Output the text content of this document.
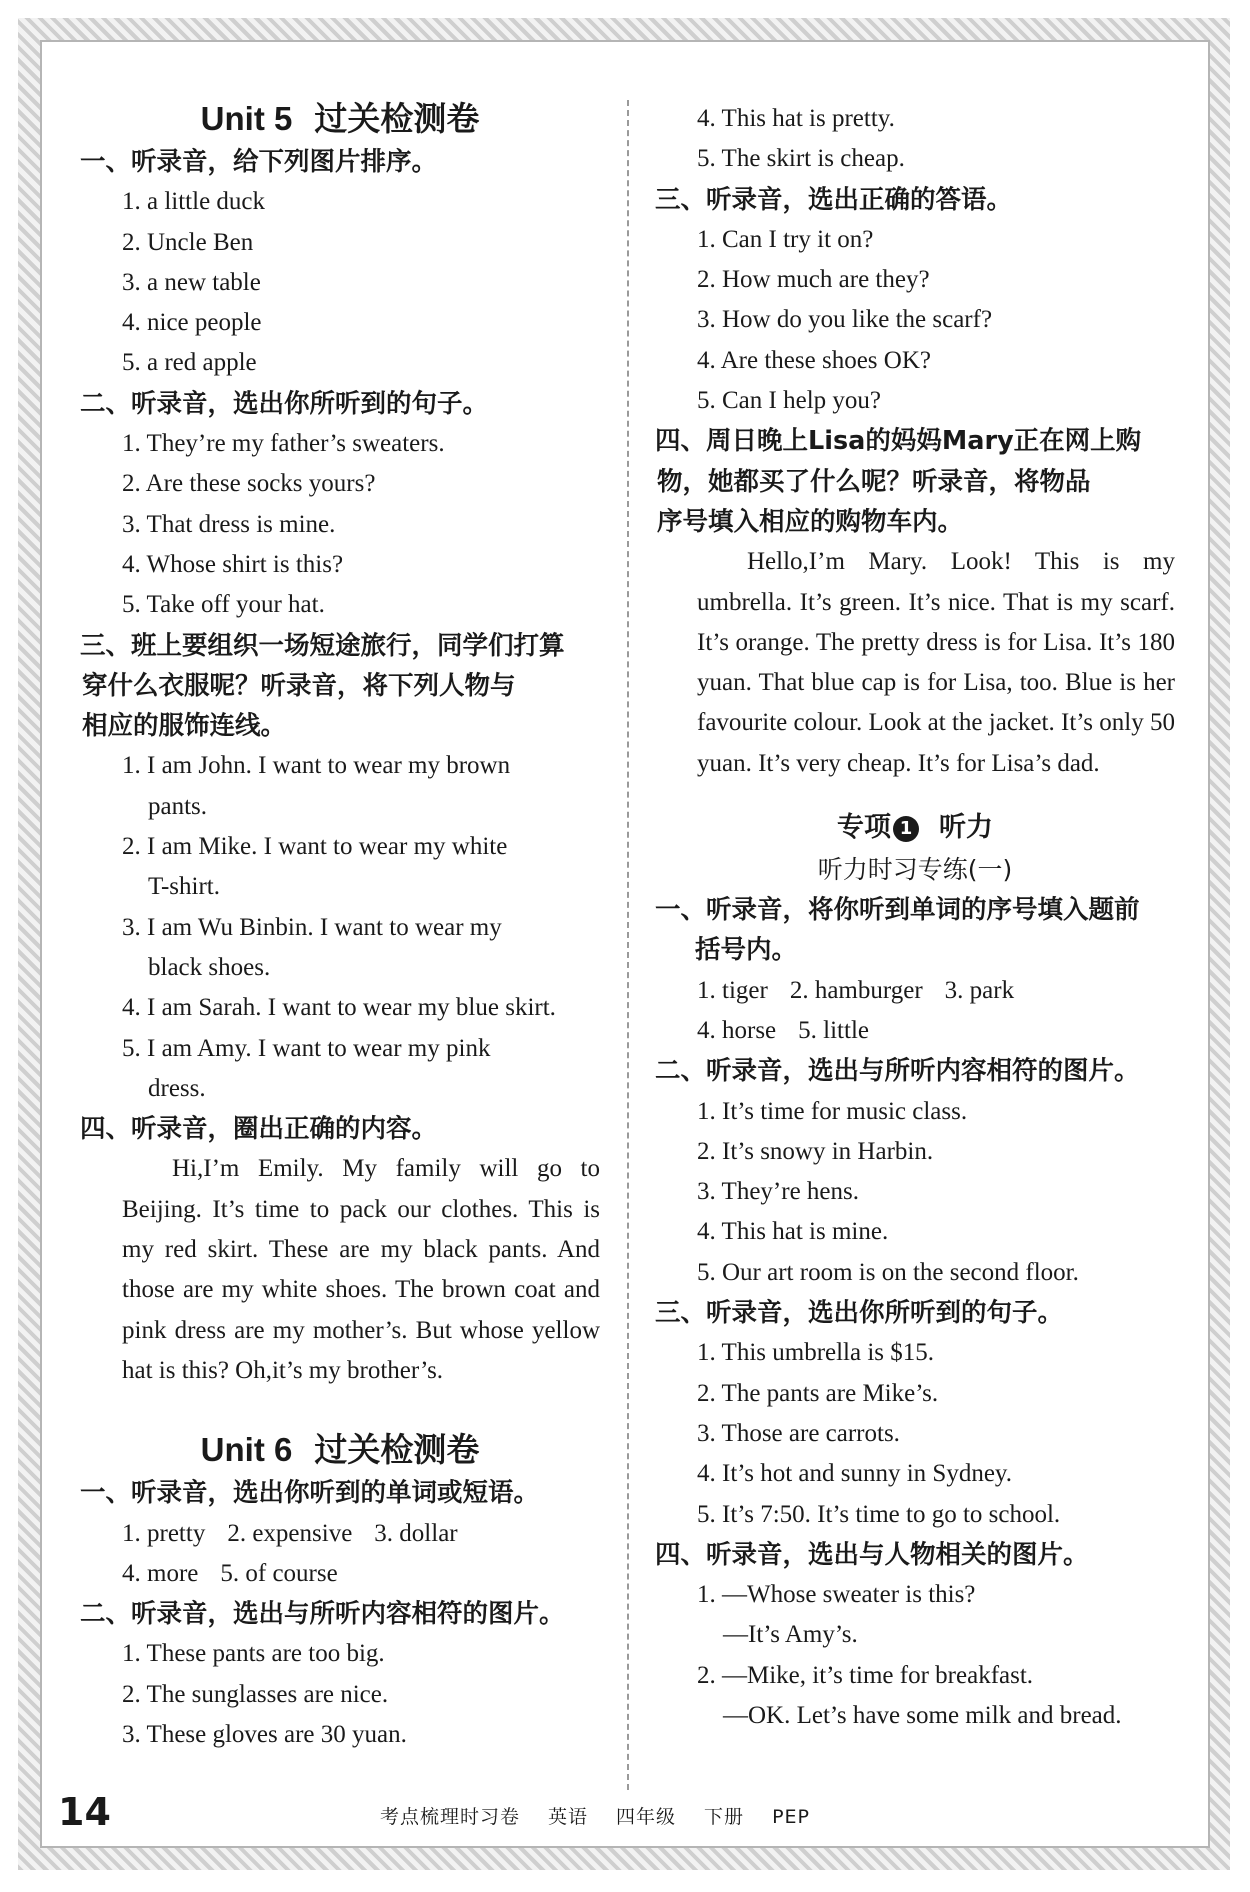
Unit 5 过关检测卷

一、听录音，给下列图片排序。

1. a little duck

2. Uncle Ben

3. a new table

4. nice people

5. a red apple

二、听录音，选出你所听到的句子。

1. They’re my father’s sweaters.

2. Are these socks yours?

3. That dress is mine.

4. Whose shirt is this?

5. Take off your hat.

三、班上要组织一场短途旅行，同学们打算

穿什么衣服呢？听录音，将下列人物与

相应的服饰连线。

1. I am John. I want to wear my brown
pants.

2. I am Mike. I want to wear my white
T-shirt.

3. I am Wu Binbin. I want to wear my
black shoes.

4. I am Sarah. I want to wear my blue skirt.

5. I am Amy. I want to wear my pink
dress.

四、听录音，圈出正确的内容。

Hi,I’m Emily. My family will go to Beijing. It’s time to pack our clothes. This is my red skirt. These are my black pants. And those are my white shoes. The brown coat and pink dress are my mother’s. But whose yellow hat is this? Oh,it’s my brother’s.

Unit 6 过关检测卷

一、听录音，选出你听到的单词或短语。

1. pretty 2. expensive 3. dollar

4. more 5. of course

二、听录音，选出与所听内容相符的图片。

1. These pants are too big.

2. The sunglasses are nice.

3. These gloves are 30 yuan.

4. This hat is pretty.

5. The skirt is cheap.

三、听录音，选出正确的答语。

1. Can I try it on?

2. How much are they?

3. How do you like the scarf?

4. Are these shoes OK?

5. Can I help you?

四、周日晚上Lisa的妈妈Mary正在网上购

物，她都买了什么呢？听录音，将物品

序号填入相应的购物车内。

Hello,I’m Mary. Look! This is my umbrella. It’s green. It’s nice. That is my scarf. It’s orange. The pretty dress is for Lisa. It’s 180 yuan. That blue cap is for Lisa, too. Blue is her favourite colour. Look at the jacket. It’s only 50 yuan. It’s very cheap. It’s for Lisa’s dad.

专项 1 听力

听力时习专练(一)

一、听录音，将你听到单词的序号填入题前

括号内。

1. tiger 2. hamburger 3. park

4. horse 5. little

二、听录音，选出与所听内容相符的图片。

1. It’s time for music class.

2. It’s snowy in Harbin.

3. They’re hens.

4. This hat is mine.

5. Our art room is on the second floor.

三、听录音，选出你所听到的句子。

1. This umbrella is $15.

2. The pants are Mike’s.

3. Those are carrots.

4. It’s hot and sunny in Sydney.

5. It’s 7:50. It’s time to go to school.

四、听录音，选出与人物相关的图片。

1. —Whose sweater is this?

—It’s Amy’s.

2. —Mike, it’s time for breakfast.

—OK. Let’s have some milk and bread.

14	考点梳理时习卷 英语 四年级 下册 PEP
